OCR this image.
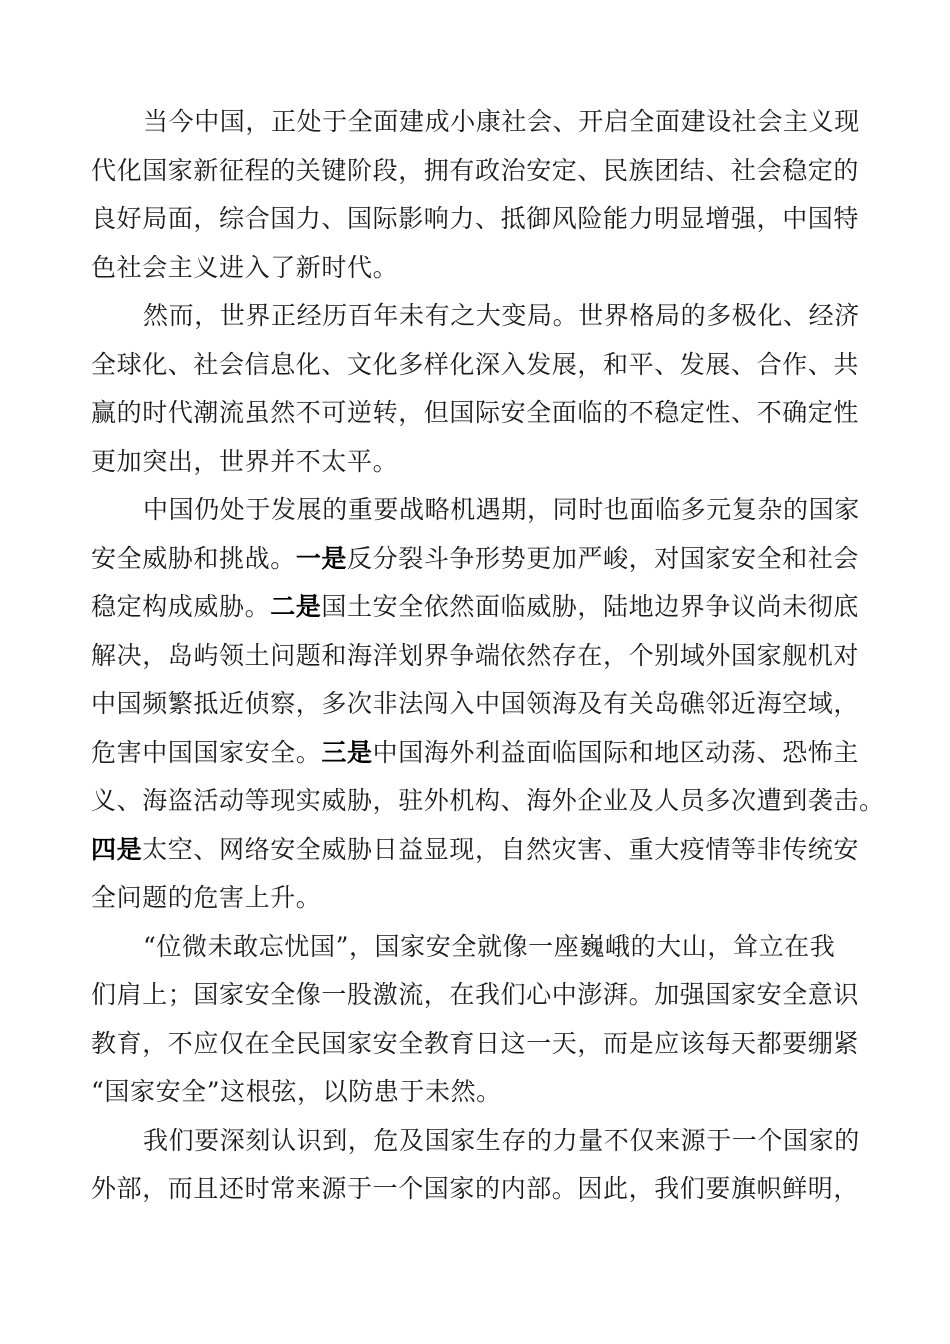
当今中国，正处于全面建成小康社会、开启全面建设社会主义现
代化国家新征程的关键阶段，拥有政治安定、民族团结、社会稳定的
良好局面，综合国力、国际影响力、抵御风险能力明显增强，中国特
色社会主义进入了新时代。

然而，世界正经历百年未有之大变局。世界格局的多极化、经济
全球化、社会信息化、文化多样化深入发展，和平、发展、合作、共
赢的时代潮流虽然不可逆转，但国际安全面临的不稳定性、不确定性
更加突出，世界并不太平。

中国仍处于发展的重要战略机遇期，同时也面临多元复杂的国家
安全威胁和挑战。一是反分裂斗争形势更加严峻，对国家安全和社会
稳定构成威胁。二是国土安全依然面临威胁，陆地边界争议尚未彻底
解决，岛屿领土问题和海洋划界争端依然存在，个别域外国家舰机对
中国频繁抵近侦察，多次非法闯入中国领海及有关岛礁邻近海空域，
危害中国国家安全。三是中国海外利益面临国际和地区动荡、恐怖主
义、海盗活动等现实威胁，驻外机构、海外企业及人员多次遭到袭击。
四是太空、网络安全威胁日益显现，自然灾害、重大疫情等非传统安
全问题的危害上升。

“位微未敢忘忧国”，国家安全就像一座巍峨的大山，耸立在我
们肩上；国家安全像一股激流，在我们心中澎湃。加强国家安全意识
教育，不应仅在全民国家安全教育日这一天，而是应该每天都要绷紧
“国家安全”这根弦，以防患于未然。

我们要深刻认识到，危及国家生存的力量不仅来源于一个国家的
外部，而且还时常来源于一个国家的内部。因此，我们要旗帜鲜明，
